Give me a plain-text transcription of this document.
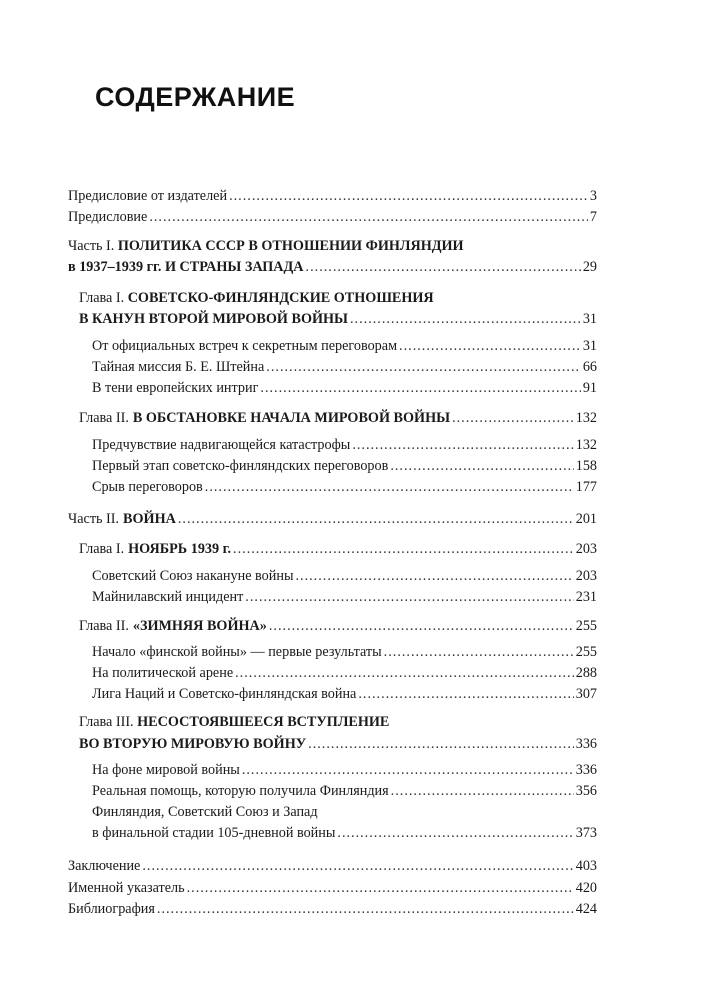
СОДЕРЖАНИЕ
Предисловие от издателей .....	3
Предисловие .....	7
Часть I. ПОЛИТИКА СССР В ОТНОШЕНИИ ФИНЛЯНДИИ
в 1937–1939 гг. И СТРАНЫ ЗАПАДА .....	29
Глава I. СОВЕТСКО-ФИНЛЯНДСКИЕ ОТНОШЕНИЯ
В КАНУН ВТОРОЙ МИРОВОЙ ВОЙНЫ .....	31
От официальных встреч к секретным переговорам .....	31
Тайная миссия Б. Е. Штейна .....	66
В тени европейских интриг .....	91
Глава II. В ОБСТАНОВКЕ НАЧАЛА МИРОВОЙ ВОЙНЫ .....	132
Предчувствие надвигающейся катастрофы .....	132
Первый этап советско-финляндских переговоров .....	158
Срыв переговоров .....	177
Часть II. ВОЙНА .....	201
Глава I. НОЯБРЬ 1939 г. .....	203
Советский Союз накануне войны .....	203
Майнилавский инцидент .....	231
Глава II. «ЗИМНЯЯ ВОЙНА» .....	255
Начало «финской войны» — первые результаты .....	255
На политической арене .....	288
Лига Наций и Советско-финляндская война .....	307
Глава III. НЕСОСТОЯВШЕЕСЯ ВСТУПЛЕНИЕ
ВО ВТОРУЮ МИРОВУЮ ВОЙНУ .....	336
На фоне мировой войны .....	336
Реальная помощь, которую получила Финляндия .....	356
Финляндия, Советский Союз и Запад
в финальной стадии 105-дневной войны .....	373
Заключение .....	403
Именной указатель .....	420
Библиография .....	424
